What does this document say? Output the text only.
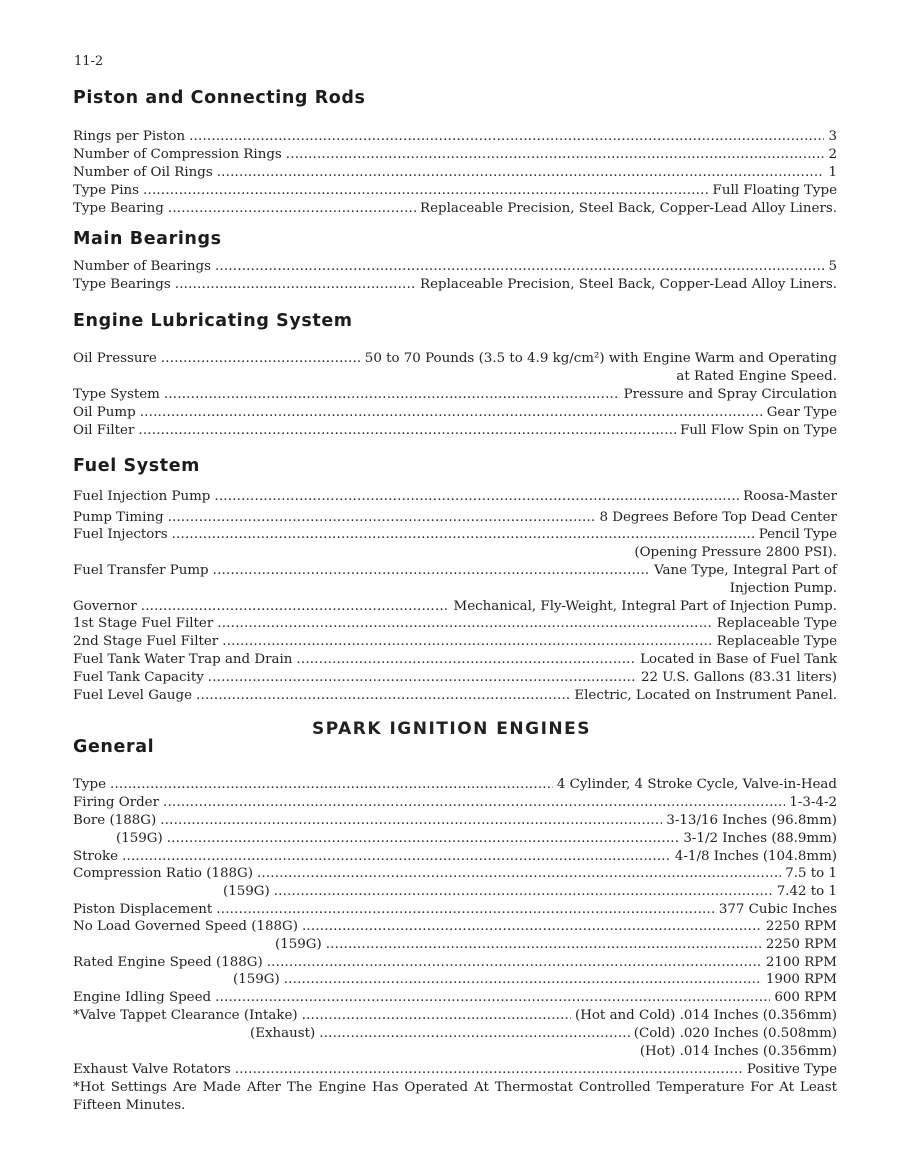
11-2
Piston and Connecting Rods
Rings per Piston .....	3
Number of Compression Rings .....	2
Number of Oil Rings .....	1
Type Pins .....	Full Floating Type
Type Bearing .....	Replaceable Precision, Steel Back, Copper-Lead Alloy Liners.
Main Bearings
Number of Bearings .....	5
Type Bearings .....	Replaceable Precision, Steel Back, Copper-Lead Alloy Liners.
Engine Lubricating System
Oil Pressure .....	50 to 70 Pounds (3.5 to 4.9 kg/cm²) with Engine Warm and Operating
at Rated Engine Speed.
Type System .....	Pressure and Spray Circulation
Oil Pump .....	Gear Type
Oil Filter .....	Full Flow Spin on Type
Fuel System
Fuel Injection Pump .....	Roosa-Master
Pump Timing .....	8 Degrees Before Top Dead Center
Fuel Injectors .....	Pencil Type
(Opening Pressure 2800 PSI).
Fuel Transfer Pump .....	Vane Type, Integral Part of
Injection Pump.
Governor .....	Mechanical, Fly-Weight, Integral Part of Injection Pump.
1st Stage Fuel Filter .....	Replaceable Type
2nd Stage Fuel Filter .....	Replaceable Type
Fuel Tank Water Trap and Drain .....	Located in Base of Fuel Tank
Fuel Tank Capacity .....	22 U.S. Gallons (83.31 liters)
Fuel Level Gauge .....	Electric, Located on Instrument Panel.
SPARK IGNITION ENGINES
General
Type .....	4 Cylinder, 4 Stroke Cycle, Valve-in-Head
Firing Order .....	1-3-4-2
Bore (188G) .....	3-13/16 Inches (96.8mm)
(159G) .....	3-1/2 Inches (88.9mm)
Stroke .....	4-1/8 Inches (104.8mm)
Compression Ratio (188G) .....	7.5 to 1
(159G) .....	7.42 to 1
Piston Displacement .....	377 Cubic Inches
No Load Governed Speed (188G) .....	2250 RPM
(159G) .....	2250 RPM
Rated Engine Speed (188G) .....	2100 RPM
(159G) .....	1900 RPM
Engine Idling Speed .....	600 RPM
*Valve Tappet Clearance (Intake) .....	(Hot and Cold) .014 Inches (0.356mm)
(Exhaust) .....	(Cold) .020 Inches (0.508mm)
(Hot) .014 Inches (0.356mm)
Exhaust Valve Rotators .....	Positive Type
*Hot Settings Are Made After The Engine Has Operated At Thermostat Controlled Temperature For At Least Fifteen Minutes.
